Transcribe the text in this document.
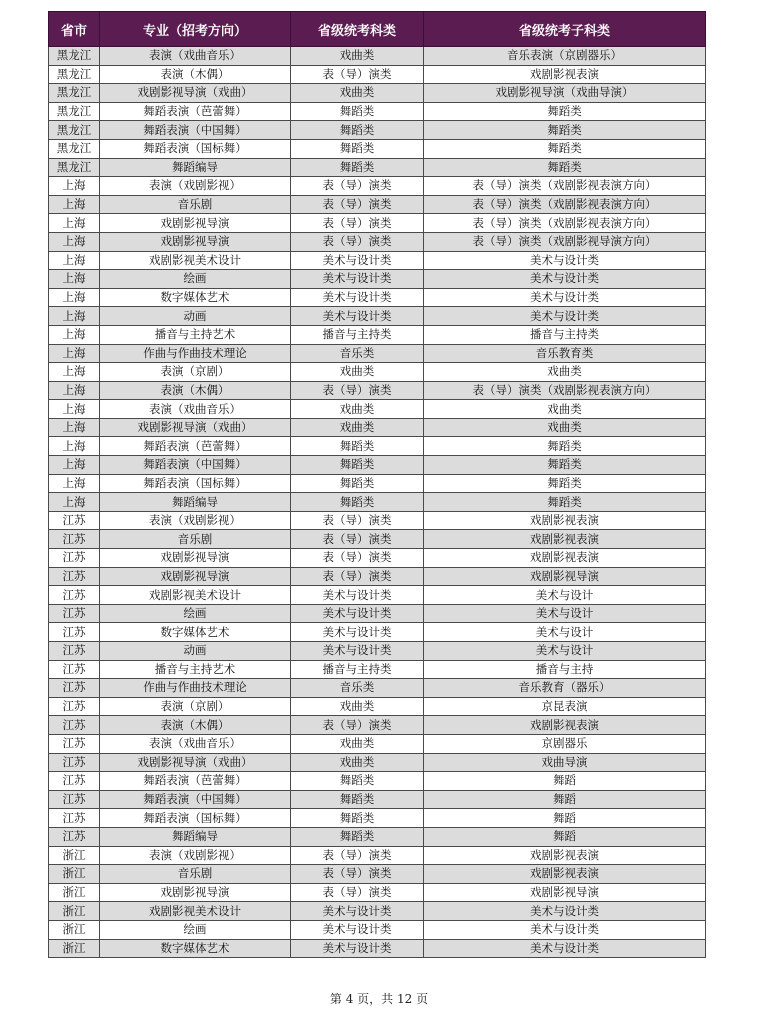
省市	专业（招考方向）	省级统考科类	省级统考子科类
黑龙江	表演（戏曲音乐）	戏曲类	音乐表演（京剧器乐）
黑龙江	表演（木偶）	表（导）演类	戏剧影视表演
黑龙江	戏剧影视导演（戏曲）	戏曲类	戏剧影视导演（戏曲导演）
黑龙江	舞蹈表演（芭蕾舞）	舞蹈类	舞蹈类
黑龙江	舞蹈表演（中国舞）	舞蹈类	舞蹈类
黑龙江	舞蹈表演（国标舞）	舞蹈类	舞蹈类
黑龙江	舞蹈编导	舞蹈类	舞蹈类
上海	表演（戏剧影视）	表（导）演类	表（导）演类（戏剧影视表演方向）
上海	音乐剧	表（导）演类	表（导）演类（戏剧影视表演方向）
上海	戏剧影视导演	表（导）演类	表（导）演类（戏剧影视表演方向）
上海	戏剧影视导演	表（导）演类	表（导）演类（戏剧影视导演方向）
上海	戏剧影视美术设计	美术与设计类	美术与设计类
上海	绘画	美术与设计类	美术与设计类
上海	数字媒体艺术	美术与设计类	美术与设计类
上海	动画	美术与设计类	美术与设计类
上海	播音与主持艺术	播音与主持类	播音与主持类
上海	作曲与作曲技术理论	音乐类	音乐教育类
上海	表演（京剧）	戏曲类	戏曲类
上海	表演（木偶）	表（导）演类	表（导）演类（戏剧影视表演方向）
上海	表演（戏曲音乐）	戏曲类	戏曲类
上海	戏剧影视导演（戏曲）	戏曲类	戏曲类
上海	舞蹈表演（芭蕾舞）	舞蹈类	舞蹈类
上海	舞蹈表演（中国舞）	舞蹈类	舞蹈类
上海	舞蹈表演（国标舞）	舞蹈类	舞蹈类
上海	舞蹈编导	舞蹈类	舞蹈类
江苏	表演（戏剧影视）	表（导）演类	戏剧影视表演
江苏	音乐剧	表（导）演类	戏剧影视表演
江苏	戏剧影视导演	表（导）演类	戏剧影视表演
江苏	戏剧影视导演	表（导）演类	戏剧影视导演
江苏	戏剧影视美术设计	美术与设计类	美术与设计
江苏	绘画	美术与设计类	美术与设计
江苏	数字媒体艺术	美术与设计类	美术与设计
江苏	动画	美术与设计类	美术与设计
江苏	播音与主持艺术	播音与主持类	播音与主持
江苏	作曲与作曲技术理论	音乐类	音乐教育（器乐）
江苏	表演（京剧）	戏曲类	京昆表演
江苏	表演（木偶）	表（导）演类	戏剧影视表演
江苏	表演（戏曲音乐）	戏曲类	京剧器乐
江苏	戏剧影视导演（戏曲）	戏曲类	戏曲导演
江苏	舞蹈表演（芭蕾舞）	舞蹈类	舞蹈
江苏	舞蹈表演（中国舞）	舞蹈类	舞蹈
江苏	舞蹈表演（国标舞）	舞蹈类	舞蹈
江苏	舞蹈编导	舞蹈类	舞蹈
浙江	表演（戏剧影视）	表（导）演类	戏剧影视表演
浙江	音乐剧	表（导）演类	戏剧影视表演
浙江	戏剧影视导演	表（导）演类	戏剧影视导演
浙江	戏剧影视美术设计	美术与设计类	美术与设计类
浙江	绘画	美术与设计类	美术与设计类
浙江	数字媒体艺术	美术与设计类	美术与设计类
第 4 页，共 12 页
